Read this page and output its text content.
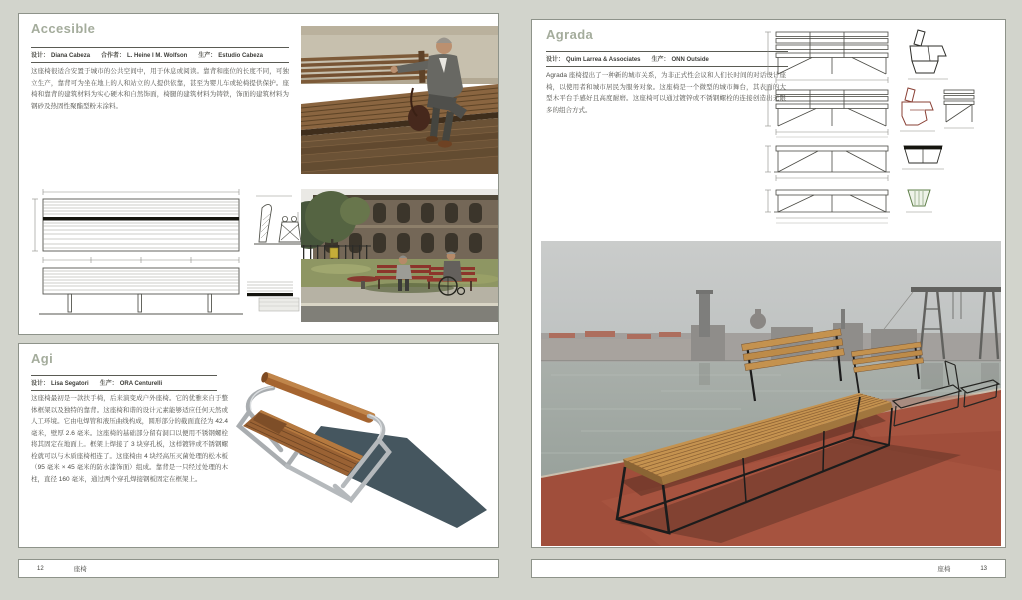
Accesible
设计： Diana Cabeza 合作者： L. Heine I M. Wolfson 生产： Estudio Cabeza

这座椅很适合安置于城市的公共空间中，用于休息或阅读。靠背和座位的长度不同，可独立生产，靠背可为坐在地上的人和站立的人提供依靠，甚至为婴儿车或轮椅提供保护。座椅和靠背的建筑材料为实心硬木和自然饰面，椅腿的建筑材料为铸铁，饰面的建筑材料为钢砂及热固性聚酯型粉末涂料。

Agi
设计： Lisa Segatori 生产： ORA Centurelli

这座椅最初是一款扶手椅，后来演变成户外座椅。它的优雅来自于整体框架以及独特的靠背。这座椅和谐的设计元素能够适应任何天然或人工环境。它由电焊管和液压曲线构成，圆形部分的截面直径为 42.4 毫米，壁厚 2.6 毫米。这座椅的基础部分留有洞口以便用不锈钢螺栓将其固定在地面上。框架上焊接了 3 块穿孔板，这样镀锌或不锈钢螺栓就可以与木质座椅相连了。这座椅由 4 块经高压灭菌处理的松木板（95 毫米 × 45 毫米的防水漆饰面）组成。靠背是一只经过处理的木柱，直径 160 毫米，通过两个穿孔焊接钢板固定在框架上。

12	座椅
Agrada
设计： Quim Larrea & Associates 生产： ONN Outside

Agrada 座椅提出了一种新的城市关系，为非正式性会议和人们长时间的对话设计座椅，以使用者和城市居民为服务对象。这座椅是一个微型的城市舞台，其表面的大型木平台手感好且高度耐磨。这座椅可以通过镀锌或不锈钢螺栓的连接创造出无限多的组合方式。

座椅	13
